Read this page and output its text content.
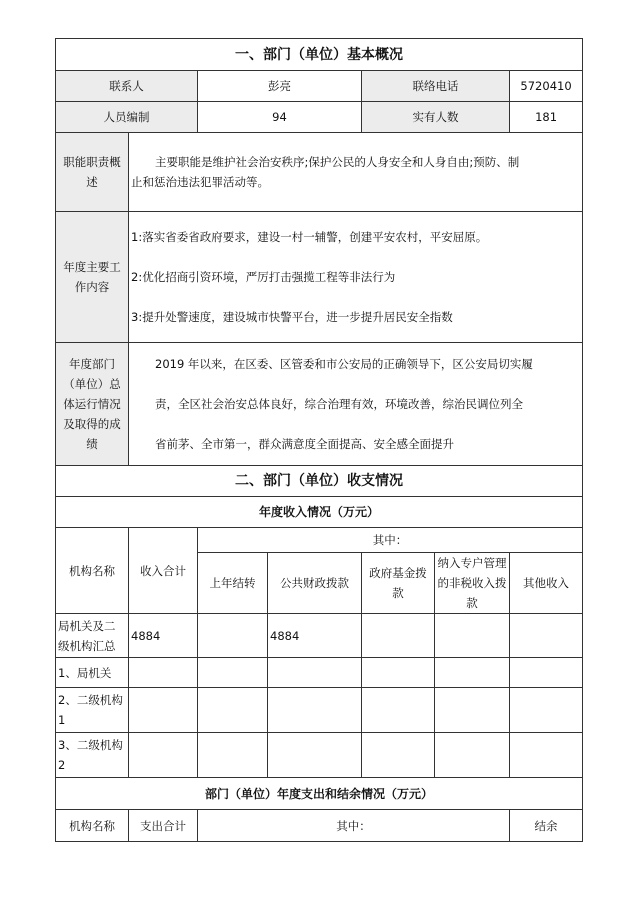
一、部门（单位）基本概况						
联系人		彭亮		联络电话		5720410
人员编制		94		实有人数		181
职能职责概述	主要职能是维护社会治安秩序;保护公民的人身安全和人身自由;预防、制

止和惩治违法犯罪活动等。					

年度主要工作内容	1:落实省委省政府要求，建设一村一辅警，创建平安农村，平安屈原。

2:优化招商引资环境，严厉打击强揽工程等非法行为

3:提升处警速度，建设城市快警平台，进一步提升居民安全指数					

年度部门（单位）总体运行情况及取得的成绩	2019 年以来，在区委、区管委和市公安局的正确领导下，区公安局切实履

责，全区社会治安总体良好，综合治理有效，环境改善，综治民调位列全

省前茅、全市第一，群众满意度全面提高、安全感全面提升					

二、部门（单位）收支情况						
年度收入情况（万元）						
机构名称	收入合计	其中：				
		上年结转	公共财政拨款	政府基金拨款	纳入专户管理的非税收入拨款	其他收入
局机关及二级机构汇总	4884		4884			
1、局机关						
2、二级机构1						
3、二级机构2						
部门（单位）年度支出和结余情况（万元）						
机构名称	支出合计	其中：				结余
